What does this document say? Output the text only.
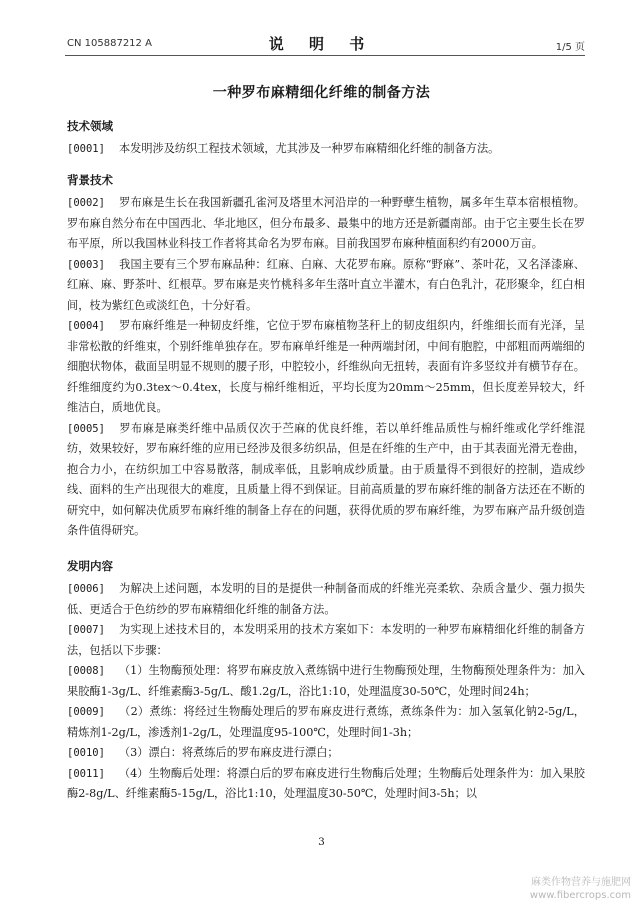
CN 105887212 A	说 明 书	1/5 页
一种罗布麻精细化纤维的制备方法
技术领域

[0001] 本发明涉及纺织工程技术领域，尤其涉及一种罗布麻精细化纤维的制备方法。

背景技术

[0002] 罗布麻是生长在我国新疆孔雀河及塔里木河沿岸的一种野孽生植物，属多年生草本宿根植物。罗布麻自然分布在中国西北、华北地区，但分布最多、最集中的地方还是新疆南部。由于它主要生长在罗布平原，所以我国林业科技工作者将其命名为罗布麻。目前我国罗布麻种植面积约有2000万亩。

[0003] 我国主要有三个罗布麻品种：红麻、白麻、大花罗布麻。原称“野麻”、茶叶花，又名泽漆麻、红麻、麻、野茶叶、红根草。罗布麻是夹竹桃科多年生落叶直立半灌木，有白色乳汁，花形聚伞，红白相间，枝为紫红色或淡红色，十分好看。

[0004] 罗布麻纤维是一种韧皮纤维，它位于罗布麻植物茎秆上的韧皮组织内，纤维细长而有光泽，呈非常松散的纤维束，个别纤维单独存在。罗布麻单纤维是一种两端封闭，中间有胞腔，中部粗而两端细的细胞状物体，截面呈明显不规则的腰子形，中腔较小，纤维纵向无扭转，表面有许多竖纹并有横节存在。纤维细度约为0.3tex～0.4tex，长度与棉纤维相近，平均长度为20mm～25mm，但长度差异较大，纤维洁白，质地优良。

[0005] 罗布麻是麻类纤维中品质仅次于苎麻的优良纤维，若以单纤维品质性与棉纤维或化学纤维混纺，效果较好，罗布麻纤维的应用已经涉及很多纺织品，但是在纤维的生产中，由于其表面光滑无卷曲，抱合力小，在纺织加工中容易散落，制成率低，且影响成纱质量。由于质量得不到很好的控制，造成纱线、面料的生产出现很大的难度，且质量上得不到保证。目前高质量的罗布麻纤维的制备方法还在不断的研究中，如何解决优质罗布麻纤维的制备上存在的问题，获得优质的罗布麻纤维，为罗布麻产品升级创造条件值得研究。

发明内容

[0006] 为解决上述问题，本发明的目的是提供一种制备而成的纤维光亮柔软、杂质含量少、强力损失低、更适合于色纺纱的罗布麻精细化纤维的制备方法。

[0007] 为实现上述技术目的，本发明采用的技术方案如下：本发明的一种罗布麻精细化纤维的制备方法，包括以下步骤：

[0008] （1）生物酶预处理：将罗布麻皮放入煮练锅中进行生物酶预处理，生物酶预处理条件为：加入果胶酶1-3g/L、纤维素酶3-5g/L、酸1.2g/L，浴比1:10，处理温度30-50℃，处理时间24h；

[0009] （2）煮练：将经过生物酶处理后的罗布麻皮进行煮练，煮练条件为：加入氢氧化钠2-5g/L，精炼剂1-2g/L，渗透剂1-2g/L，处理温度95-100℃，处理时间1-3h；

[0010] （3）漂白：将煮练后的罗布麻皮进行漂白；

[0011] （4）生物酶后处理：将漂白后的罗布麻皮进行生物酶后处理；生物酶后处理条件为：加入果胶酶2-8g/L、纤维素酶5-15g/L，浴比1:10，处理温度30-50℃，处理时间3-5h；以

3
麻类作物营养与施肥网
www.fibercrops.com
